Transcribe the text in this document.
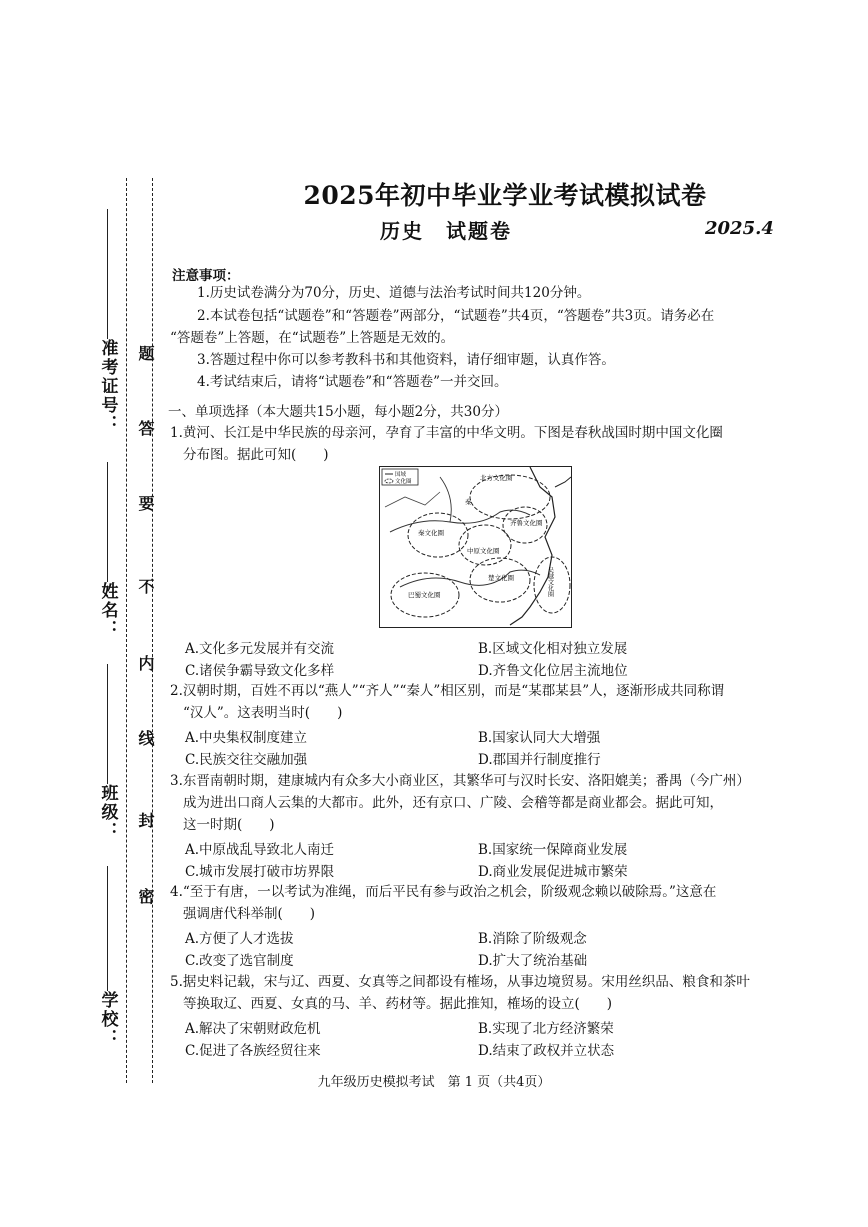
准考证号：
姓名：
班级：
学校：
题
答
要
不
内
线
封
密
2025年初中毕业学业考试模拟试卷
历史　试题卷	2025.4
注意事项：
1.历史试卷满分为70分，历史、道德与法治考试时间共120分钟。
2.本试卷包括“试题卷”和“答题卷”两部分，“试题卷”共4页，“答题卷”共3页。请务必在
“答题卷”上答题，在“试题卷”上答题是无效的。
3.答题过程中你可以参考教科书和其他资料，请仔细审题，认真作答。
4.考试结束后，请将“试题卷”和“答题卷”一并交回。
一、单项选择（本大题共15小题，每小题2分，共30分）
1.黄河、长江是中华民族的母亲河，孕育了丰富的中华文明。下图是春秋战国时期中国文化圈
分布图。据此可知(　　)
国域
文化圈	北方文化圈
秦
齐鲁文化圈
秦文化圈
中原文化圈
楚文化圈
巴蜀文化圈	吴越文化圈
A.文化多元发展并有交流	B.区域文化相对独立发展
C.诸侯争霸导致文化多样	D.齐鲁文化位居主流地位
2.汉朝时期，百姓不再以“燕人”“齐人”“秦人”相区别，而是“某郡某县”人，逐渐形成共同称谓
“汉人”。这表明当时(　　)
A.中央集权制度建立	B.国家认同大大增强
C.民族交往交融加强	D.郡国并行制度推行
3.东晋南朝时期，建康城内有众多大小商业区，其繁华可与汉时长安、洛阳媲美；番禺（今广州）
成为进出口商人云集的大都市。此外，还有京口、广陵、会稽等都是商业都会。据此可知，
这一时期(　　)
A.中原战乱导致北人南迁	B.国家统一保障商业发展
C.城市发展打破市坊界限	D.商业发展促进城市繁荣
4.“至于有唐，一以考试为准绳，而后平民有参与政治之机会，阶级观念赖以破除焉。”这意在
强调唐代科举制(　　)
A.方便了人才选拔	B.消除了阶级观念
C.改变了选官制度	D.扩大了统治基础
5.据史料记载，宋与辽、西夏、女真等之间都设有榷场，从事边境贸易。宋用丝织品、粮食和茶叶
等换取辽、西夏、女真的马、羊、药材等。据此推知，榷场的设立(　　)
A.解决了宋朝财政危机	B.实现了北方经济繁荣
C.促进了各族经贸往来	D.结束了政权并立状态
九年级历史模拟考试　第 1 页（共4页）
